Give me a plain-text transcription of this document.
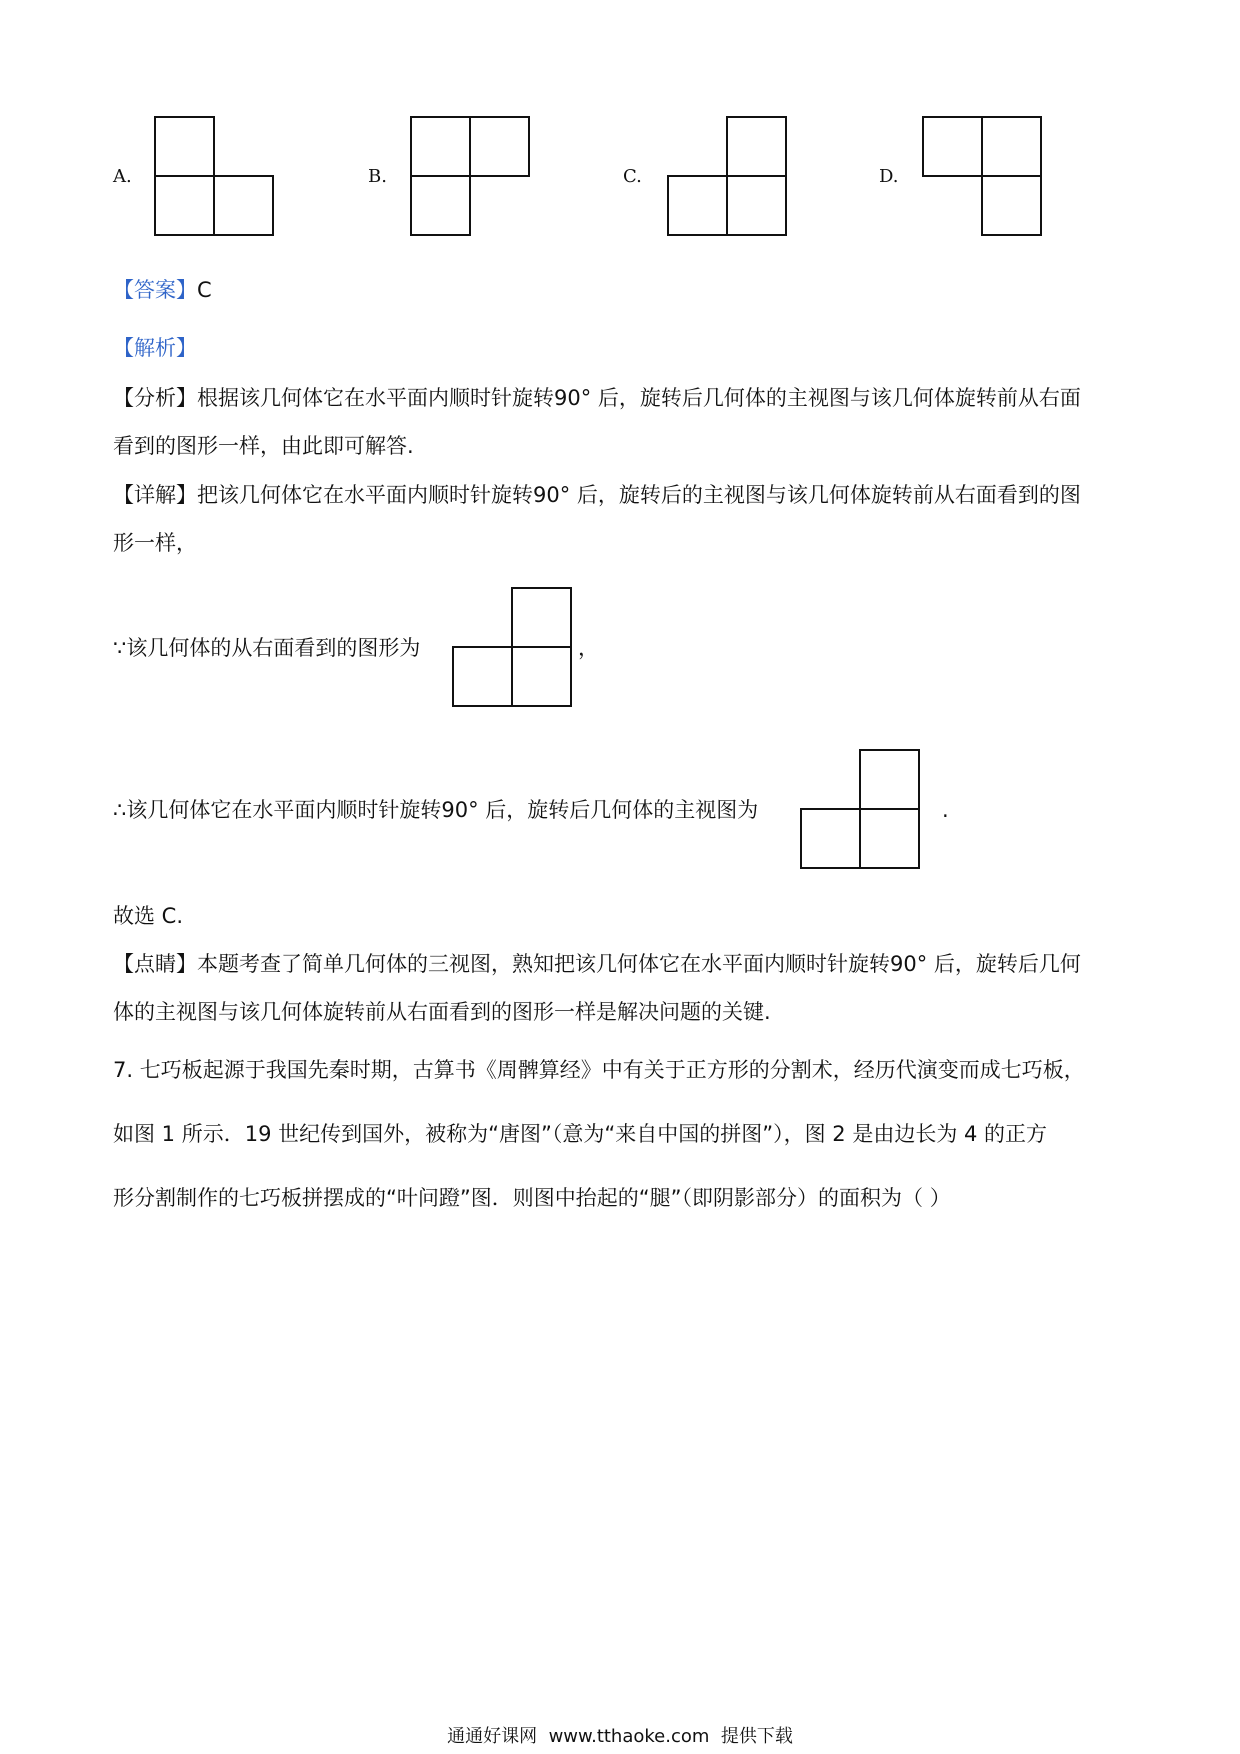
A.	B.	C.	D.
【答案】C
【解析】
【分析】根据该几何体它在水平面内顺时针旋转90° 后，旋转后几何体的主视图与该几何体旋转前从右面
看到的图形一样，由此即可解答.
【详解】把该几何体它在水平面内顺时针旋转90° 后，旋转后的主视图与该几何体旋转前从右面看到的图
形一样，
∵该几何体的从右面看到的图形为	，
∴该几何体它在水平面内顺时针旋转90° 后，旋转后几何体的主视图为	.
故选 C.
【点睛】本题考查了简单几何体的三视图，熟知把该几何体它在水平面内顺时针旋转90° 后，旋转后几何
体的主视图与该几何体旋转前从右面看到的图形一样是解决问题的关键.
7. 七巧板起源于我国先秦时期，古算书《周髀算经》中有关于正方形的分割术，经历代演变而成七巧板，
如图 1 所示．19 世纪传到国外，被称为“唐图”（意为“来自中国的拼图”），图 2 是由边长为 4 的正方
形分割制作的七巧板拼摆成的“叶问蹬”图．则图中抬起的“腿”（即阴影部分）的面积为（ ）
通通好课网  www.tthaoke.com  提供下载
